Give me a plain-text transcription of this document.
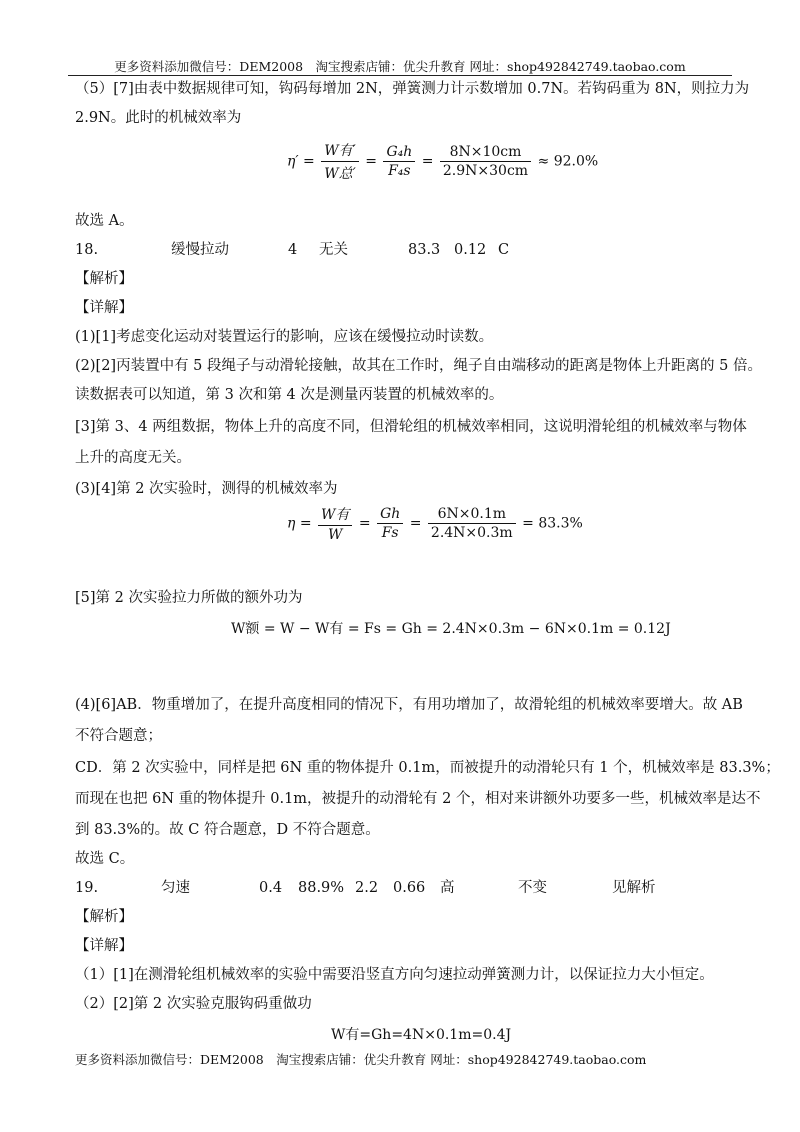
更多资料添加微信号：DEM2008　淘宝搜索店铺：优尖升教育 网址：shop492842749.taobao.com
（5）[7]由表中数据规律可知，钩码每增加 2N，弹簧测力计示数增加 0.7N。若钩码重为 8N，则拉力为
2.9N。此时的机械效率为
$\eta' = \frac{\text{W有′}}{\text{W总′}} = \frac{\text{G₄h}}{\text{F₄s}} = \frac{8N\times 10cm}{2.9N\times 30cm} \approx 92.0\%$
故选 A。
18.	缓慢拉动	4 无关	83.3 0.12 C
【解析】
【详解】
(1)[1]考虑变化运动对装置运行的影响，应该在缓慢拉动时读数。
(2)[2]丙装置中有 5 段绳子与动滑轮接触，故其在工作时，绳子自由端移动的距离是物体上升距离的 5 倍。
读数据表可以知道，第 3 次和第 4 次是测量丙装置的机械效率的。
[3]第 3、4 两组数据，物体上升的高度不同，但滑轮组的机械效率相同，这说明滑轮组的机械效率与物体
上升的高度无关。
(3)[4]第 2 次实验时，测得的机械效率为
$\eta = \frac{\text{W有}}{W} = \frac{Gh}{Fs} = \frac{6N\times 0.1m}{2.4N\times 0.3m} = 83.3\%$
[5]第 2 次实验拉力所做的额外功为
W额 = W − W有 = Fs = Gh = 2.4N×0.3m − 6N×0.1m = 0.12J
(4)[6]AB．物重增加了，在提升高度相同的情况下，有用功增加了，故滑轮组的机械效率要增大。故 AB
不符合题意；
CD．第 2 次实验中，同样是把 6N 重的物体提升 0.1m，而被提升的动滑轮只有 1 个，机械效率是 83.3%；
而现在也把 6N 重的物体提升 0.1m，被提升的动滑轮有 2 个，相对来讲额外功要多一些，机械效率是达不
到 83.3%的。故 C 符合题意，D 不符合题意。
故选 C。
19.	匀速	0.4 88.9% 2.2 0.66 高	不变	见解析
【解析】
【详解】
（1）[1]在测滑轮组机械效率的实验中需要沿竖直方向匀速拉动弹簧测力计，以保证拉力大小恒定。
（2）[2]第 2 次实验克服钩码重做功
W有=Gh=4N×0.1m=0.4J
更多资料添加微信号：DEM2008　淘宝搜索店铺：优尖升教育 网址：shop492842749.taobao.com
